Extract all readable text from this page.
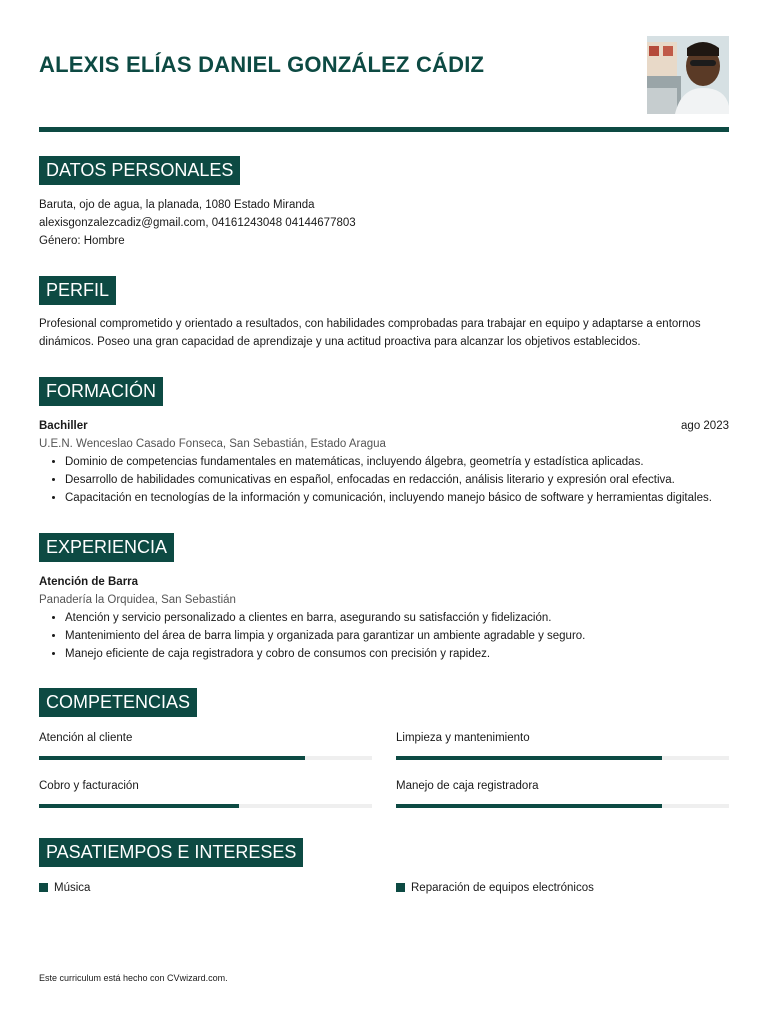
ALEXIS ELÍAS DANIEL GONZÁLEZ CÁDIZ
DATOS PERSONALES

Baruta, ojo de agua, la planada, 1080 Estado Miranda

alexisgonzalezcadiz@gmail.com, 04161243048 04144677803

Género: Hombre

PERFIL

Profesional comprometido y orientado a resultados, con habilidades comprobadas para trabajar en equipo y adaptarse a entornos dinámicos. Poseo una gran capacidad de aprendizaje y una actitud proactiva para alcanzar los objetivos establecidos.

FORMACIÓN
Bachiller	ago 2023
U.E.N. Wenceslao Casado Fonseca, San Sebastián, Estado Aragua
• Dominio de competencias fundamentales en matemáticas, incluyendo álgebra, geometría y estadística aplicadas.
• Desarrollo de habilidades comunicativas en español, enfocadas en redacción, análisis literario y expresión oral efectiva.
• Capacitación en tecnologías de la información y comunicación, incluyendo manejo básico de software y herramientas digitales.
EXPERIENCIA
Atención de Barra
Panadería la Orquidea, San Sebastián
• Atención y servicio personalizado a clientes en barra, asegurando su satisfacción y fidelización.
• Mantenimiento del área de barra limpia y organizada para garantizar un ambiente agradable y seguro.
• Manejo eficiente de caja registradora y cobro de consumos con precisión y rapidez.
COMPETENCIAS
Atención al cliente	Limpieza y mantenimiento
Cobro y facturación	Manejo de caja registradora
PASATIEMPOS E INTERESES
Música	Reparación de equipos electrónicos
Este curriculum está hecho con CVwizard.com.
